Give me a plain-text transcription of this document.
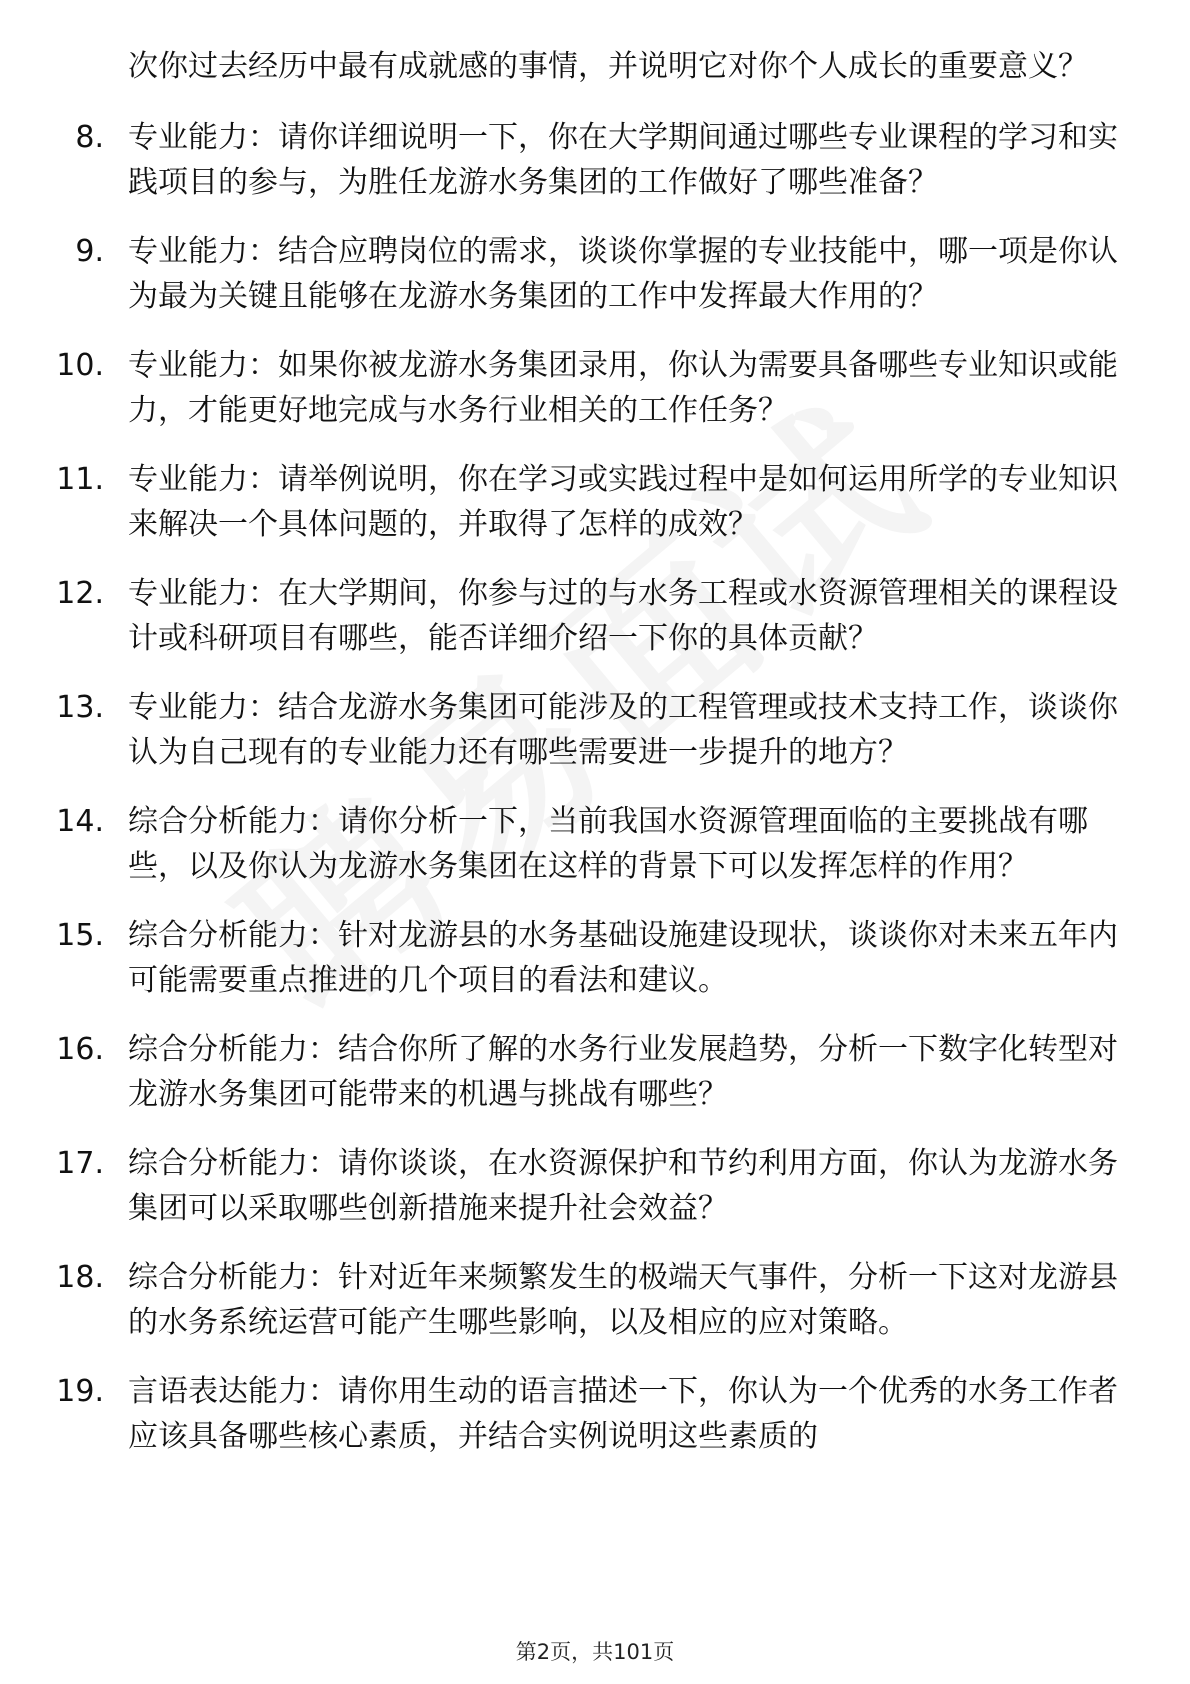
次你过去经历中最有成就感的事情，并说明它对你个人成长的重要意义？
8. 专业能力：请你详细说明一下，你在大学期间通过哪些专业课程的学习和实践项目的参与，为胜任龙游水务集团的工作做好了哪些准备？
9. 专业能力：结合应聘岗位的需求，谈谈你掌握的专业技能中，哪一项是你认为最为关键且能够在龙游水务集团的工作中发挥最大作用的？
10. 专业能力：如果你被龙游水务集团录用，你认为需要具备哪些专业知识或能力，才能更好地完成与水务行业相关的工作任务？
11. 专业能力：请举例说明，你在学习或实践过程中是如何运用所学的专业知识来解决一个具体问题的，并取得了怎样的成效？
12. 专业能力：在大学期间，你参与过的与水务工程或水资源管理相关的课程设计或科研项目有哪些，能否详细介绍一下你的具体贡献？
13. 专业能力：结合龙游水务集团可能涉及的工程管理或技术支持工作，谈谈你认为自己现有的专业能力还有哪些需要进一步提升的地方？
14. 综合分析能力：请你分析一下，当前我国水资源管理面临的主要挑战有哪些，以及你认为龙游水务集团在这样的背景下可以发挥怎样的作用？
15. 综合分析能力：针对龙游县的水务基础设施建设现状，谈谈你对未来五年内可能需要重点推进的几个项目的看法和建议。
16. 综合分析能力：结合你所了解的水务行业发展趋势，分析一下数字化转型对龙游水务集团可能带来的机遇与挑战有哪些？
17. 综合分析能力：请你谈谈，在水资源保护和节约利用方面，你认为龙游水务集团可以采取哪些创新措施来提升社会效益？
18. 综合分析能力：针对近年来频繁发生的极端天气事件，分析一下这对龙游县的水务系统运营可能产生哪些影响，以及相应的应对策略。
19. 言语表达能力：请你用生动的语言描述一下，你认为一个优秀的水务工作者应该具备哪些核心素质，并结合实例说明这些素质的
第2页，共101页
